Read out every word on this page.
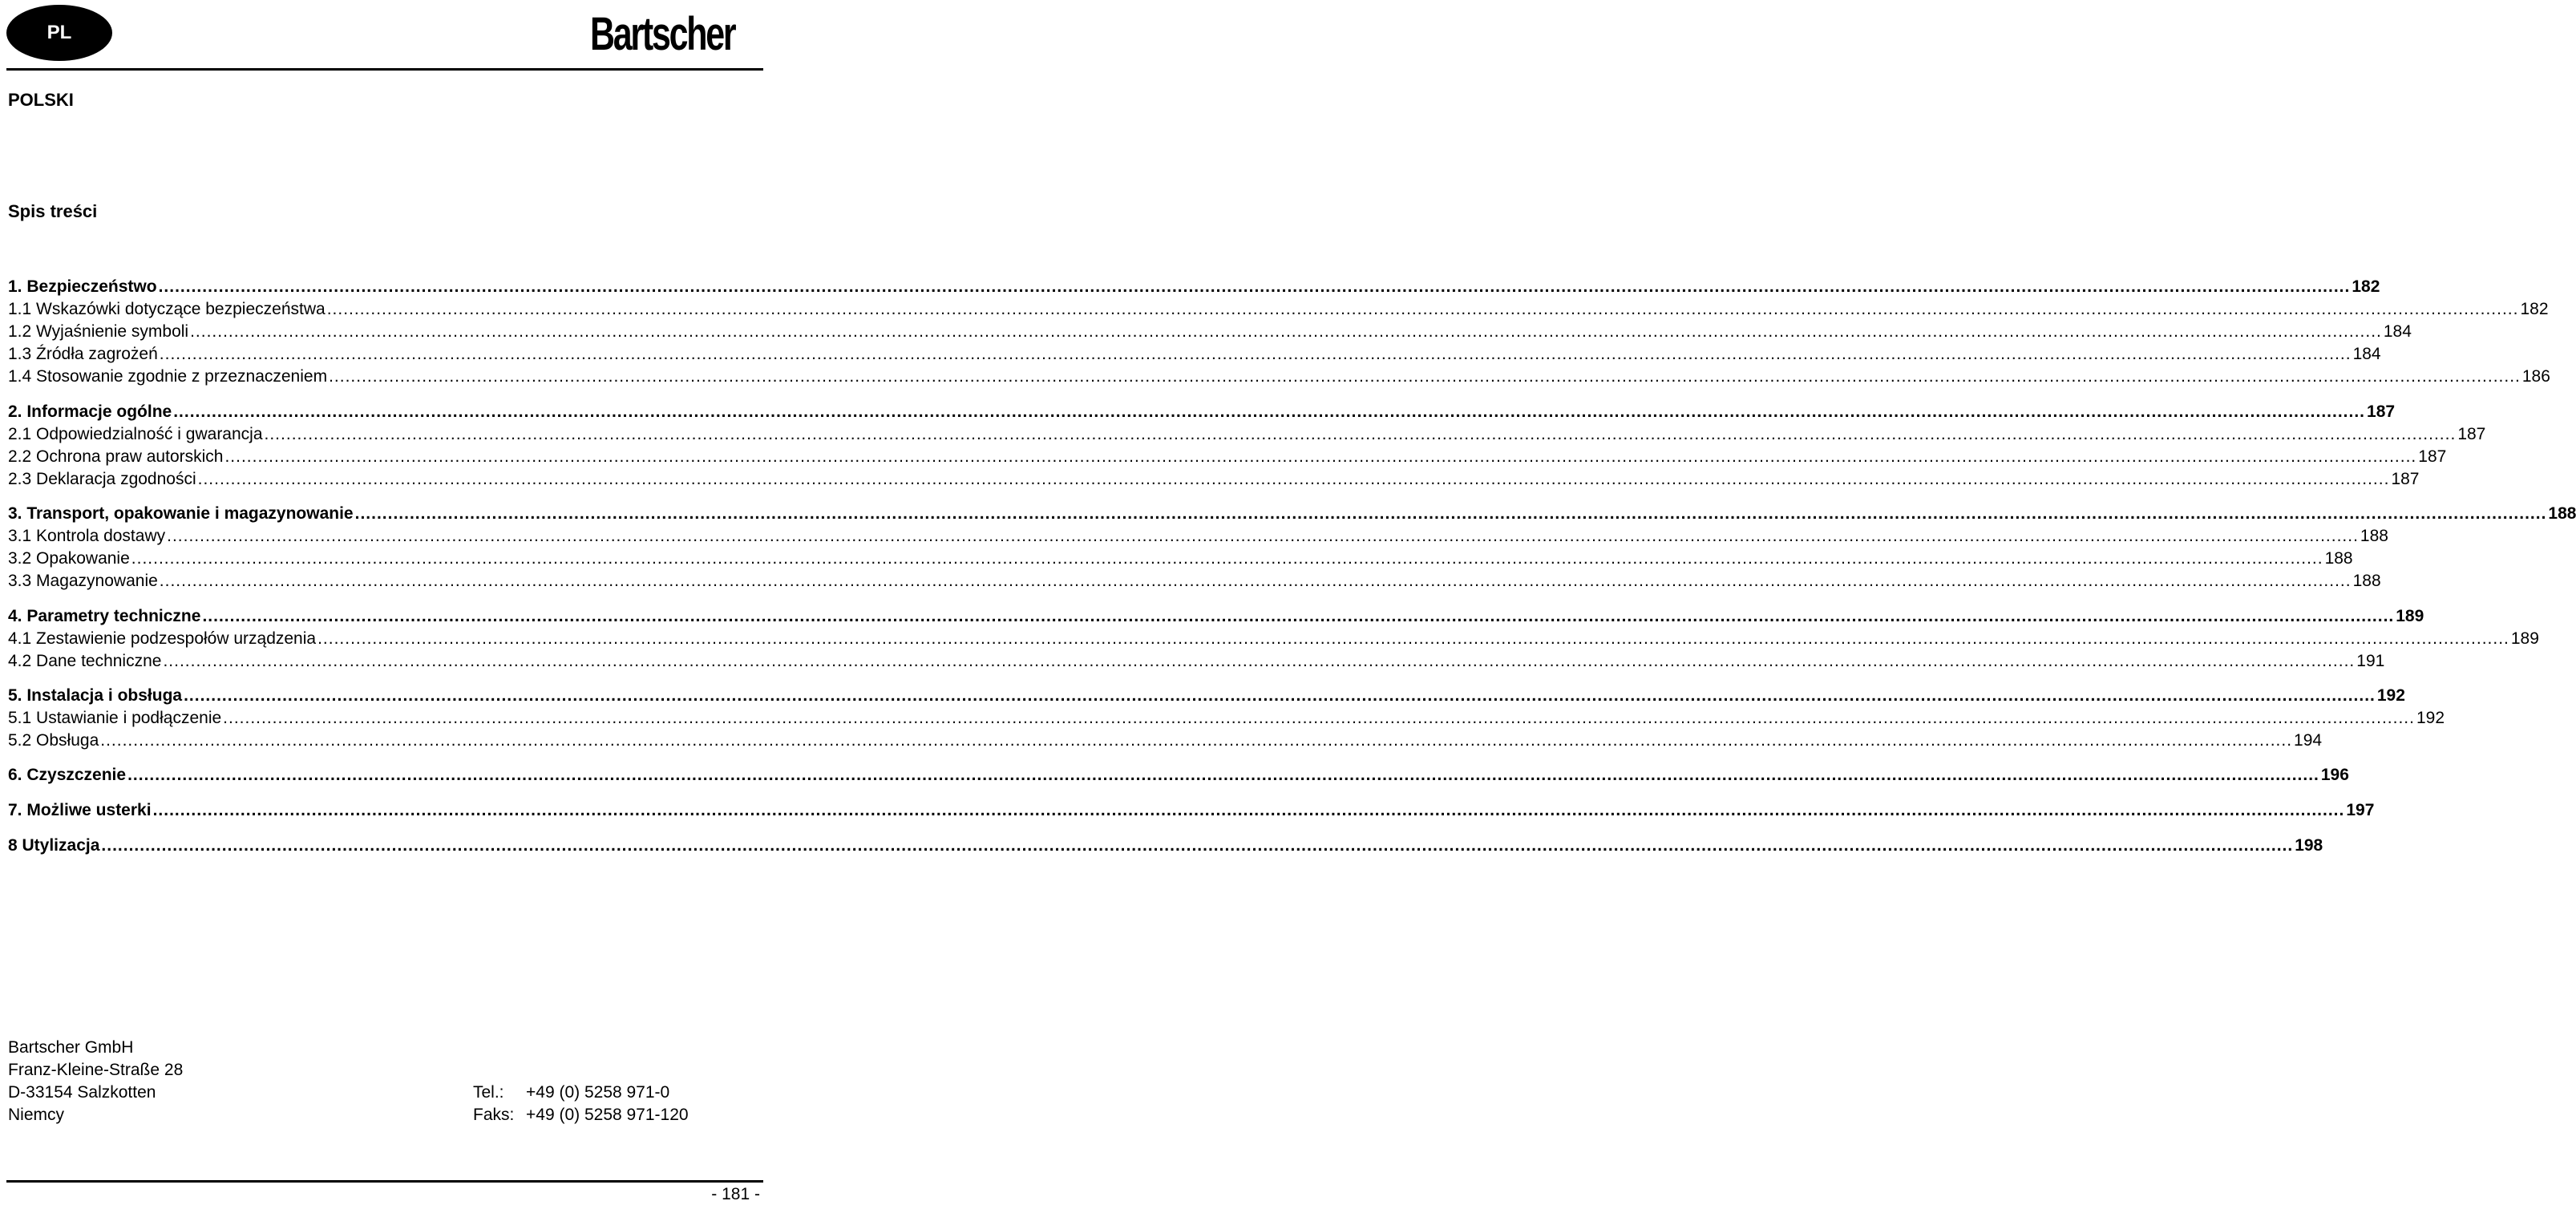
PL	Bartscher
POLSKI
Spis treści
1. Bezpieczeństwo ................................................................................................................................................................................................................................................................................................................................................................................................................ 182
1.1 Wskazówki dotyczące bezpieczeństwa ................................................................................................................................................................................................................................................................................................................................................................................................................ 182
1.2 Wyjaśnienie symboli ................................................................................................................................................................................................................................................................................................................................................................................................................ 184
1.3 Źródła zagrożeń ................................................................................................................................................................................................................................................................................................................................................................................................................ 184
1.4 Stosowanie zgodnie z przeznaczeniem ................................................................................................................................................................................................................................................................................................................................................................................................................ 186
2. Informacje ogólne ................................................................................................................................................................................................................................................................................................................................................................................................................ 187
2.1 Odpowiedzialność i gwarancja ................................................................................................................................................................................................................................................................................................................................................................................................................ 187
2.2 Ochrona praw autorskich ................................................................................................................................................................................................................................................................................................................................................................................................................ 187
2.3 Deklaracja zgodności ................................................................................................................................................................................................................................................................................................................................................................................................................ 187
3. Transport, opakowanie i magazynowanie ................................................................................................................................................................................................................................................................................................................................................................................................................ 188
3.1 Kontrola dostawy ................................................................................................................................................................................................................................................................................................................................................................................................................ 188
3.2 Opakowanie ................................................................................................................................................................................................................................................................................................................................................................................................................ 188
3.3 Magazynowanie ................................................................................................................................................................................................................................................................................................................................................................................................................ 188
4. Parametry techniczne ................................................................................................................................................................................................................................................................................................................................................................................................................ 189
4.1 Zestawienie podzespołów urządzenia ................................................................................................................................................................................................................................................................................................................................................................................................................ 189
4.2 Dane techniczne ................................................................................................................................................................................................................................................................................................................................................................................................................ 191
5. Instalacja i obsługa ................................................................................................................................................................................................................................................................................................................................................................................................................ 192
5.1 Ustawianie i podłączenie ................................................................................................................................................................................................................................................................................................................................................................................................................ 192
5.2 Obsługa ................................................................................................................................................................................................................................................................................................................................................................................................................ 194
6. Czyszczenie ................................................................................................................................................................................................................................................................................................................................................................................................................ 196
7. Możliwe usterki ................................................................................................................................................................................................................................................................................................................................................................................................................ 197
8 Utylizacja ................................................................................................................................................................................................................................................................................................................................................................................................................ 198
Bartscher GmbH
Franz-Kleine-Straße 28
D-33154 Salzkotten
Niemcy
Tel.:	+49 (0) 5258 971-0
Faks: +49 (0) 5258 971-120
- 181 -
